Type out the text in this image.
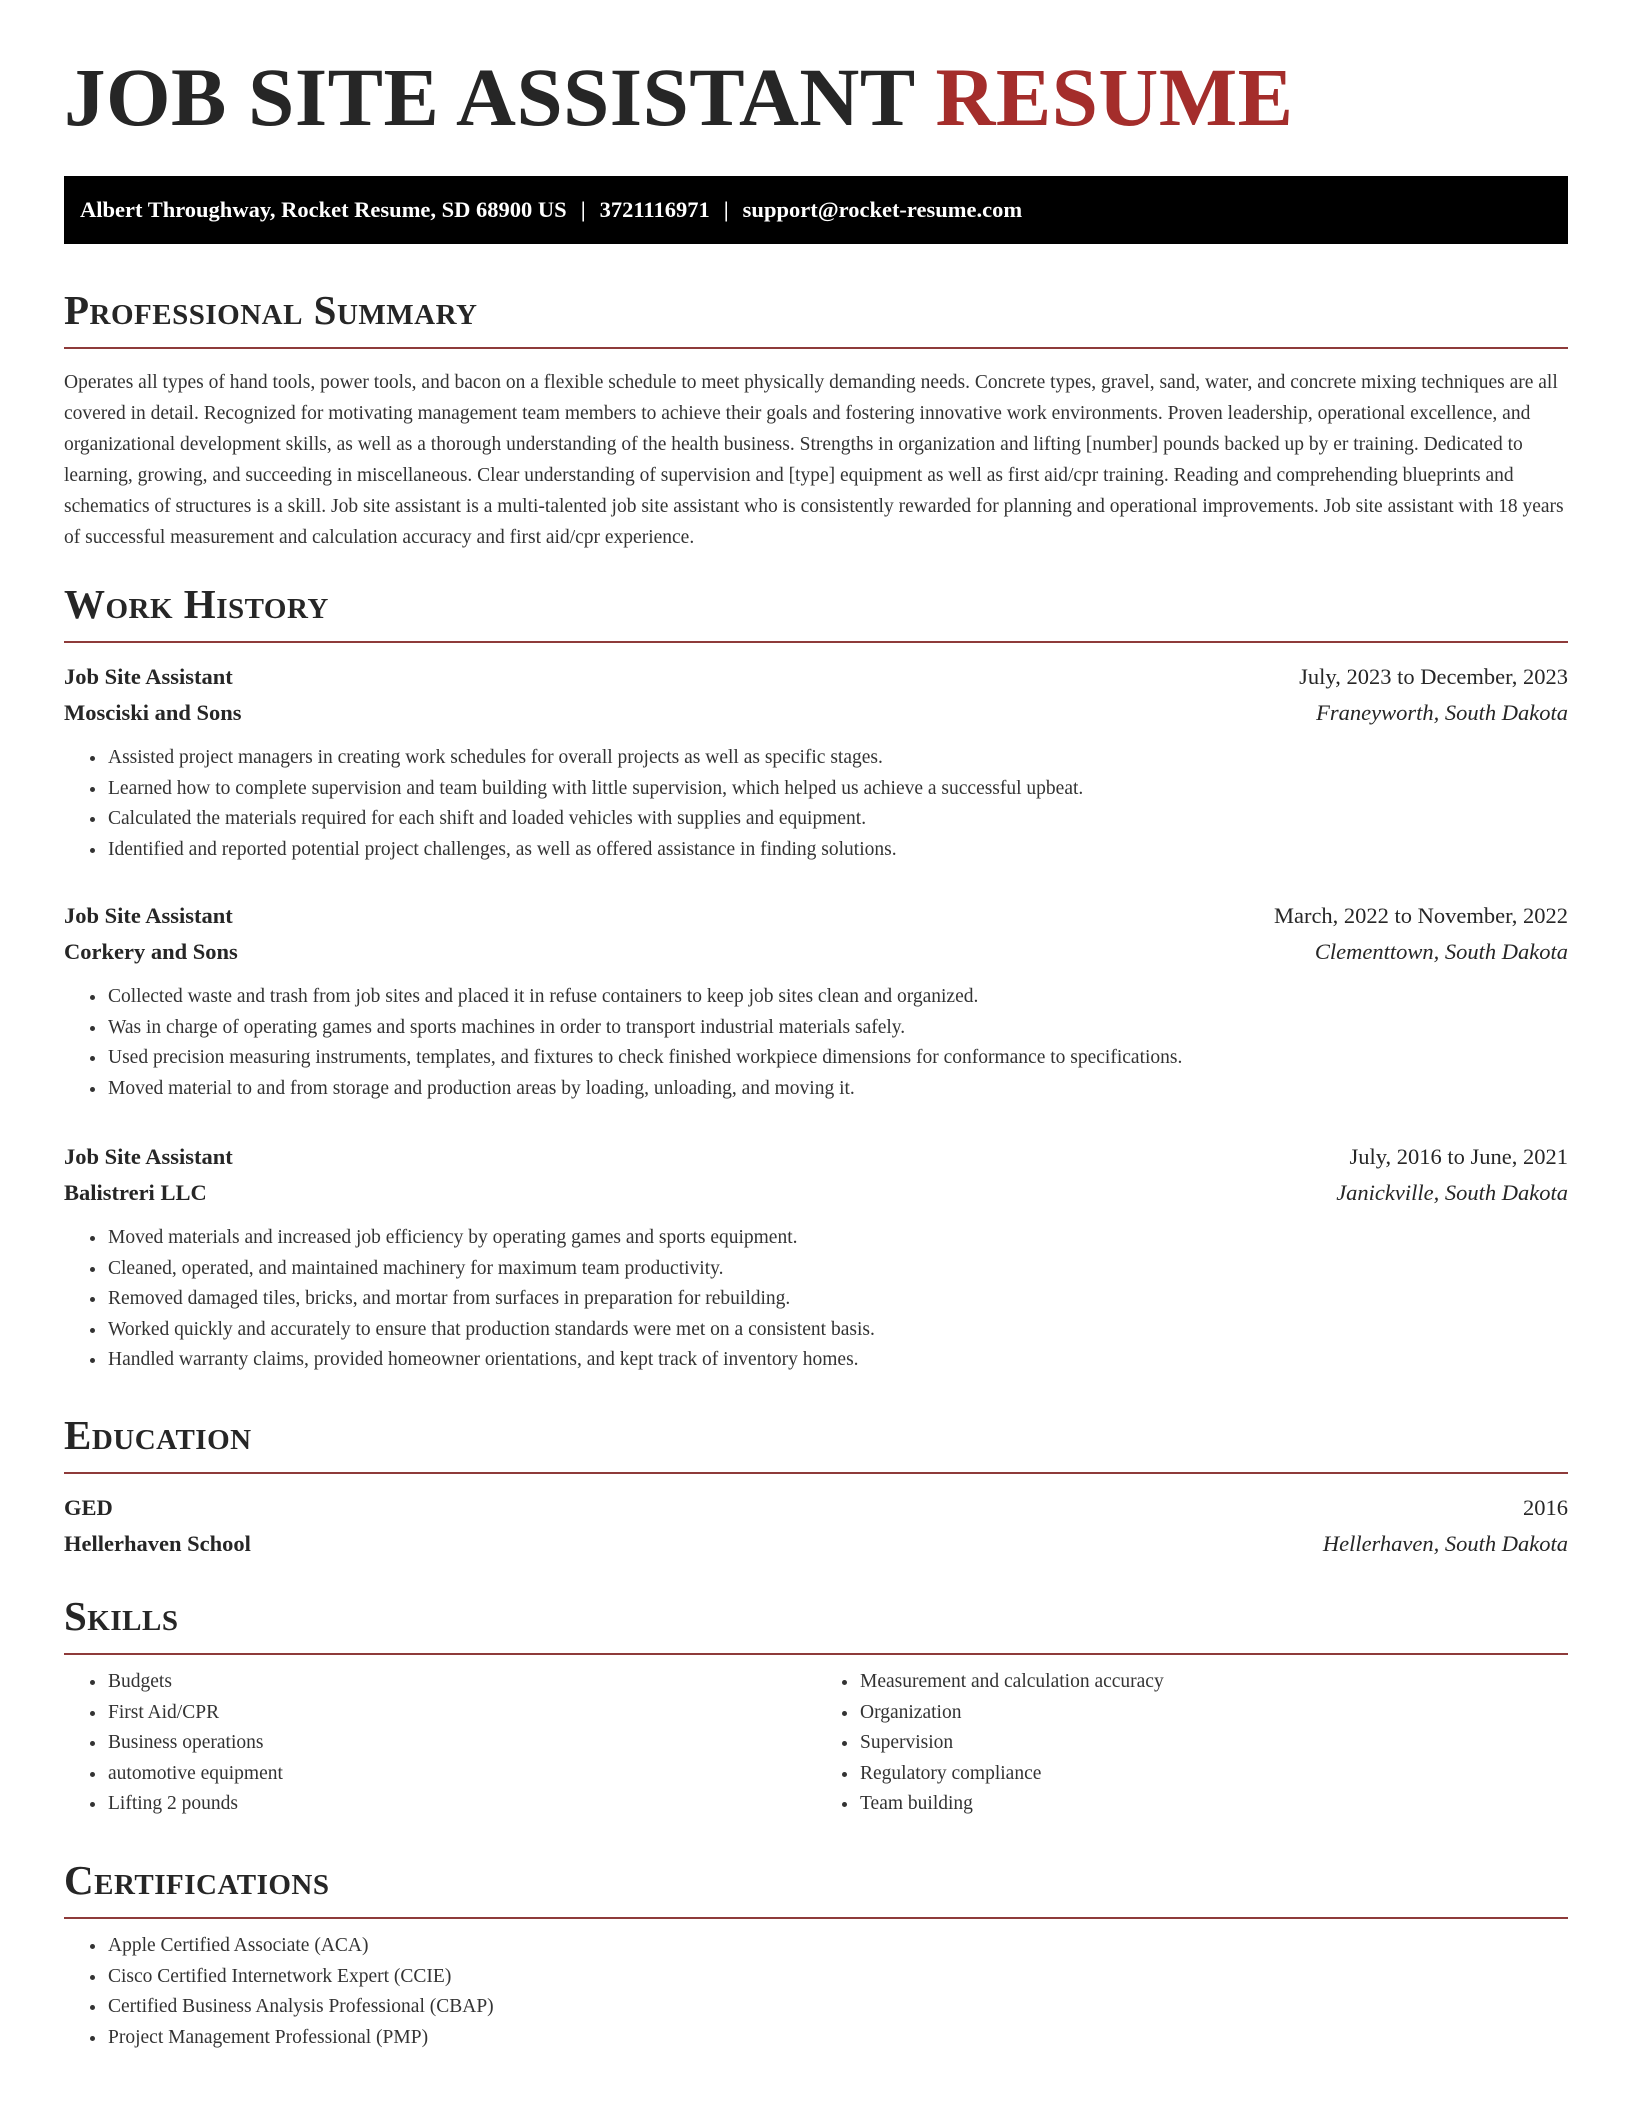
JOB SITE ASSISTANT RESUME
Albert Throughway, Rocket Resume, SD 68900 US | 3721116971 | support@rocket-resume.com
Professional Summary

Operates all types of hand tools, power tools, and bacon on a flexible schedule to meet physically demanding needs. Concrete types, gravel, sand, water, and concrete mixing techniques are all covered in detail. Recognized for motivating management team members to achieve their goals and fostering innovative work environments. Proven leadership, operational excellence, and organizational development skills, as well as a thorough understanding of the health business. Strengths in organization and lifting [number] pounds backed up by er training. Dedicated to learning, growing, and succeeding in miscellaneous. Clear understanding of supervision and [type] equipment as well as first aid/cpr training. Reading and comprehending blueprints and schematics of structures is a skill. Job site assistant is a multi-talented job site assistant who is consistently rewarded for planning and operational improvements. Job site assistant with 18 years of successful measurement and calculation accuracy and first aid/cpr experience.

Work History
Job Site Assistant	July, 2023 to December, 2023
Mosciski and Sons	Franeyworth, South Dakota
• Assisted project managers in creating work schedules for overall projects as well as specific stages.
• Learned how to complete supervision and team building with little supervision, which helped us achieve a successful upbeat.
• Calculated the materials required for each shift and loaded vehicles with supplies and equipment.
• Identified and reported potential project challenges, as well as offered assistance in finding solutions.
Job Site Assistant	March, 2022 to November, 2022
Corkery and Sons	Clementtown, South Dakota
• Collected waste and trash from job sites and placed it in refuse containers to keep job sites clean and organized.
• Was in charge of operating games and sports machines in order to transport industrial materials safely.
• Used precision measuring instruments, templates, and fixtures to check finished workpiece dimensions for conformance to specifications.
• Moved material to and from storage and production areas by loading, unloading, and moving it.
Job Site Assistant	July, 2016 to June, 2021
Balistreri LLC	Janickville, South Dakota
• Moved materials and increased job efficiency by operating games and sports equipment.
• Cleaned, operated, and maintained machinery for maximum team productivity.
• Removed damaged tiles, bricks, and mortar from surfaces in preparation for rebuilding.
• Worked quickly and accurately to ensure that production standards were met on a consistent basis.
• Handled warranty claims, provided homeowner orientations, and kept track of inventory homes.
Education
GED	2016
Hellerhaven School	Hellerhaven, South Dakota
Skills
• Budgets
• First Aid/CPR
• Business operations
• automotive equipment
• Lifting 2 pounds
• Measurement and calculation accuracy
• Organization
• Supervision
• Regulatory compliance
• Team building
Certifications
• Apple Certified Associate (ACA)
• Cisco Certified Internetwork Expert (CCIE)
• Certified Business Analysis Professional (CBAP)
• Project Management Professional (PMP)
